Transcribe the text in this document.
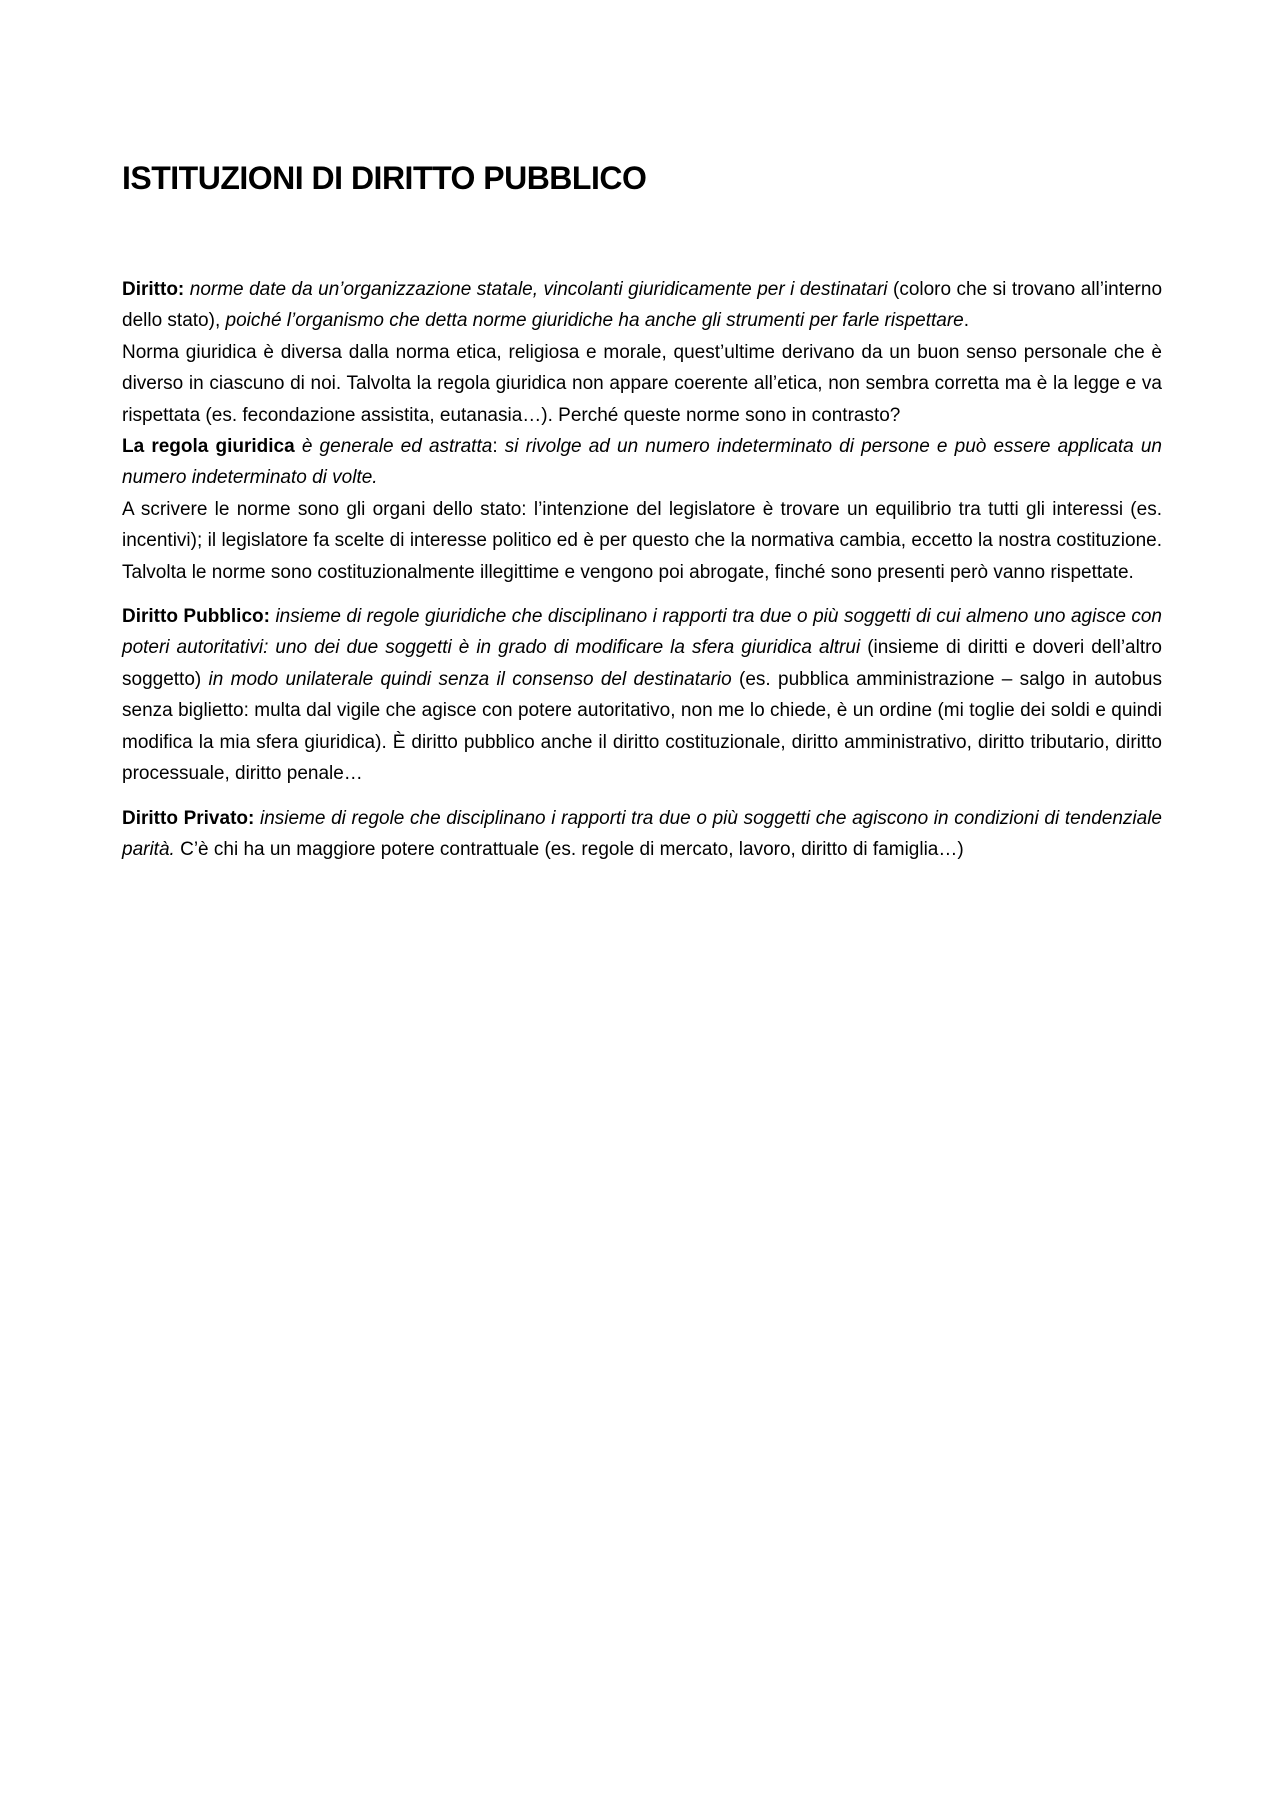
ISTITUZIONI DI DIRITTO PUBBLICO

Diritto: norme date da un’organizzazione statale, vincolanti giuridicamente per i destinatari (coloro che si trovano all’interno dello stato), poiché l’organismo che detta norme giuridiche ha anche gli strumenti per farle rispettare.

Norma giuridica è diversa dalla norma etica, religiosa e morale, quest’ultime derivano da un buon senso personale che è diverso in ciascuno di noi. Talvolta la regola giuridica non appare coerente all’etica, non sembra corretta ma è la legge e va rispettata (es. fecondazione assistita, eutanasia…). Perché queste norme sono in contrasto?

La regola giuridica è generale ed astratta: si rivolge ad un numero indeterminato di persone e può essere applicata un numero indeterminato di volte.

A scrivere le norme sono gli organi dello stato: l’intenzione del legislatore è trovare un equilibrio tra tutti gli interessi (es. incentivi); il legislatore fa scelte di interesse politico ed è per questo che la normativa cambia, eccetto la nostra costituzione. Talvolta le norme sono costituzionalmente illegittime e vengono poi abrogate, finché sono presenti però vanno rispettate.

Diritto Pubblico: insieme di regole giuridiche che disciplinano i rapporti tra due o più soggetti di cui almeno uno agisce con poteri autoritativi: uno dei due soggetti è in grado di modificare la sfera giuridica altrui (insieme di diritti e doveri dell’altro soggetto) in modo unilaterale quindi senza il consenso del destinatario (es. pubblica amministrazione – salgo in autobus senza biglietto: multa dal vigile che agisce con potere autoritativo, non me lo chiede, è un ordine (mi toglie dei soldi e quindi modifica la mia sfera giuridica). È diritto pubblico anche il diritto costituzionale, diritto amministrativo, diritto tributario, diritto processuale, diritto penale…

Diritto Privato: insieme di regole che disciplinano i rapporti tra due o più soggetti che agiscono in condizioni di tendenziale parità. C’è chi ha un maggiore potere contrattuale (es. regole di mercato, lavoro, diritto di famiglia…)
